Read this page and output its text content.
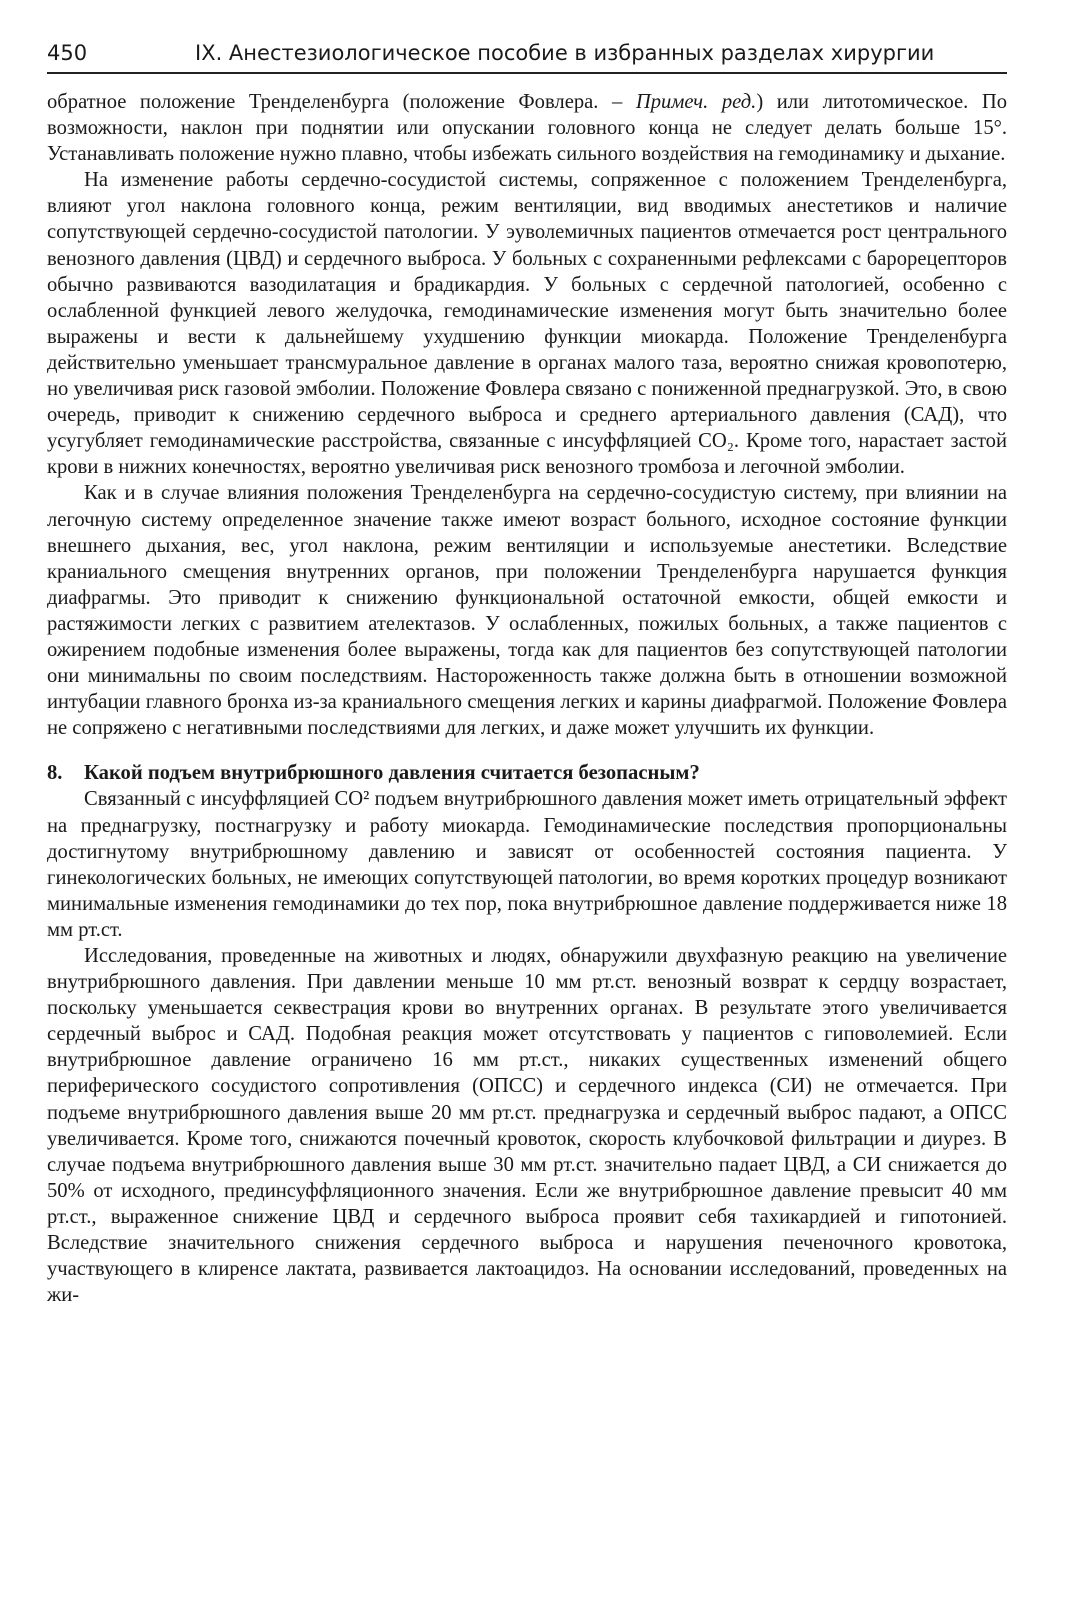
450	IX. Анестезиологическое пособие в избранных разделах хирургии

обратное положение Тренделенбурга (положение Фовлера. – Примеч. ред.) или литотомическое. По возможности, наклон при поднятии или опускании головного конца не следует делать больше 15°. Устанавливать положение нужно плавно, чтобы избежать сильного воздействия на гемодинамику и дыхание.

На изменение работы сердечно-сосудистой системы, сопряженное с положением Тренделенбурга, влияют угол наклона головного конца, режим вентиляции, вид вводимых анестетиков и наличие сопутствующей сердечно-сосудистой патологии. У эуволемичных пациентов отмечается рост центрального венозного давления (ЦВД) и сердечного выброса. У больных с сохраненными рефлексами с барорецепторов обычно развиваются вазодилатация и брадикардия. У больных с сердечной патологией, особенно с ослабленной функцией левого желудочка, гемодинамические изменения могут быть значительно более выражены и вести к дальнейшему ухудшению функции миокарда. Положение Тренделенбурга действительно уменьшает трансмуральное давление в органах малого таза, вероятно снижая кровопотерю, но увеличивая риск газовой эмболии. Положение Фовлера связано с пониженной преднагрузкой. Это, в свою очередь, приводит к снижению сердечного выброса и среднего артериального давления (САД), что усугубляет гемодинамические расстройства, связанные с инсуффляцией CO₂. Кроме того, нарастает застой крови в нижних конечностях, вероятно увеличивая риск венозного тромбоза и легочной эмболии.

Как и в случае влияния положения Тренделенбурга на сердечно-сосудистую систему, при влиянии на легочную систему определенное значение также имеют возраст больного, исходное состояние функции внешнего дыхания, вес, угол наклона, режим вентиляции и используемые анестетики. Вследствие краниального смещения внутренних органов, при положении Тренделенбурга нарушается функция диафрагмы. Это приводит к снижению функциональной остаточной емкости, общей емкости и растяжимости легких с развитием ателектазов. У ослабленных, пожилых больных, а также пациентов с ожирением подобные изменения более выражены, тогда как для пациентов без сопутствующей патологии они минимальны по своим последствиям. Настороженность также должна быть в отношении возможной интубации главного бронха из-за краниального смещения легких и карины диафрагмой. Положение Фовлера не сопряжено с негативными последствиями для легких, и даже может улучшить их функции.

8. Какой подъем внутрибрюшного давления считается безопасным?

Связанный с инсуффляцией CO² подъем внутрибрюшного давления может иметь отрицательный эффект на преднагрузку, постнагрузку и работу миокарда. Гемодинамические последствия пропорциональны достигнутому внутрибрюшному давлению и зависят от особенностей состояния пациента. У гинекологических больных, не имеющих сопутствующей патологии, во время коротких процедур возникают минимальные изменения гемодинамики до тех пор, пока внутрибрюшное давление поддерживается ниже 18 мм рт.ст.

Исследования, проведенные на животных и людях, обнаружили двухфазную реакцию на увеличение внутрибрюшного давления. При давлении меньше 10 мм рт.ст. венозный возврат к сердцу возрастает, поскольку уменьшается секвестрация крови во внутренних органах. В результате этого увеличивается сердечный выброс и САД. Подобная реакция может отсутствовать у пациентов с гиповолемией. Если внутрибрюшное давление ограничено 16 мм рт.ст., никаких существенных изменений общего периферического сосудистого сопротивления (ОПСС) и сердечного индекса (СИ) не отмечается. При подъеме внутрибрюшного давления выше 20 мм рт.ст. преднагрузка и сердечный выброс падают, а ОПСС увеличивается. Кроме того, снижаются почечный кровоток, скорость клубочковой фильтрации и диурез. В случае подъема внутрибрюшного давления выше 30 мм рт.ст. значительно падает ЦВД, а СИ снижается до 50% от исходного, прединсуффляционного значения. Если же внутрибрюшное давление превысит 40 мм рт.ст., выраженное снижение ЦВД и сердечного выброса проявит себя тахикардией и гипотонией. Вследствие значительного снижения сердечного выброса и нарушения печеночного кровотока, участвующего в клиренсе лактата, развивается лактоацидоз. На основании исследований, проведенных на жи-
